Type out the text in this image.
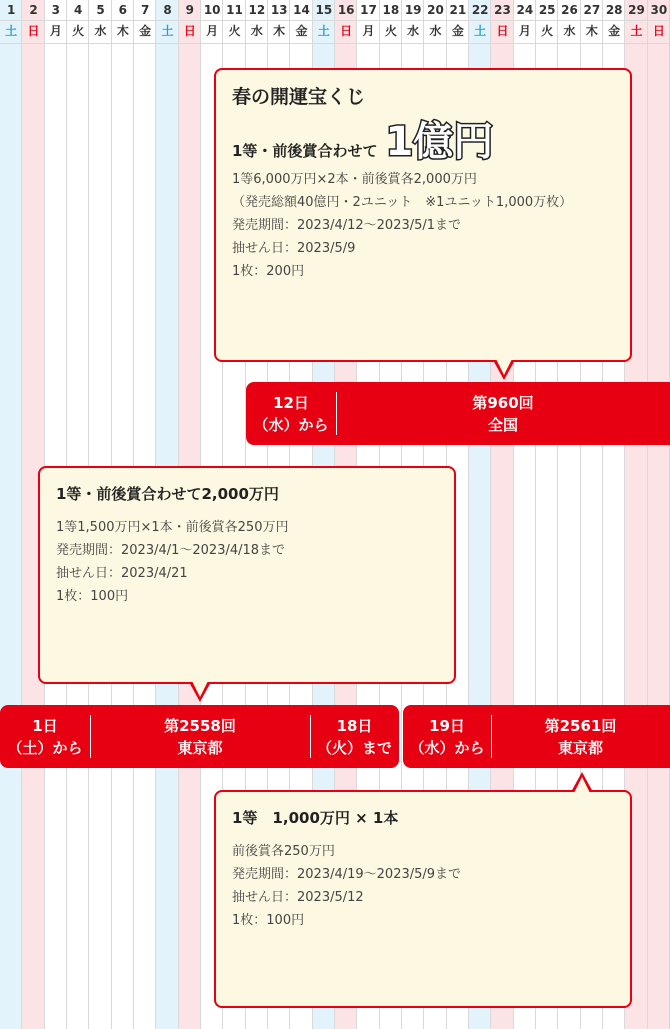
1
土
2
日
3
月
4
火
5
水
6
木
7
金
8
土
9
日
10
月
11
火
12
水
13
木
14
金
15
土
16
日
17
月
18
火
19
水
20
水
21
金
22
土
23
日
24
月
25
火
26
水
27
木
28
金
29
土
30
日
春の開運宝くじ
1等・前後賞合わせて 1億円
1等6,000万円×2本・前後賞各2,000万円
（発売総額40億円・2ユニット　※1ユニット1,000万枚）
発売期間：2023/4/12〜2023/5/1まで
抽せん日：2023/5/9
1枚：200円
12日
（水）から
第960回
全国
1等・前後賞合わせて2,000万円
1等1,500万円×1本・前後賞各250万円
発売期間：2023/4/1〜2023/4/18まで
抽せん日：2023/4/21
1枚：100円
1日
（土）から
第2558回
東京都
18日
（火）まで
19日
（水）から
第2561回
東京都
1等　1,000万円 × 1本
前後賞各250万円
発売期間：2023/4/19〜2023/5/9まで
抽せん日：2023/5/12
1枚：100円
